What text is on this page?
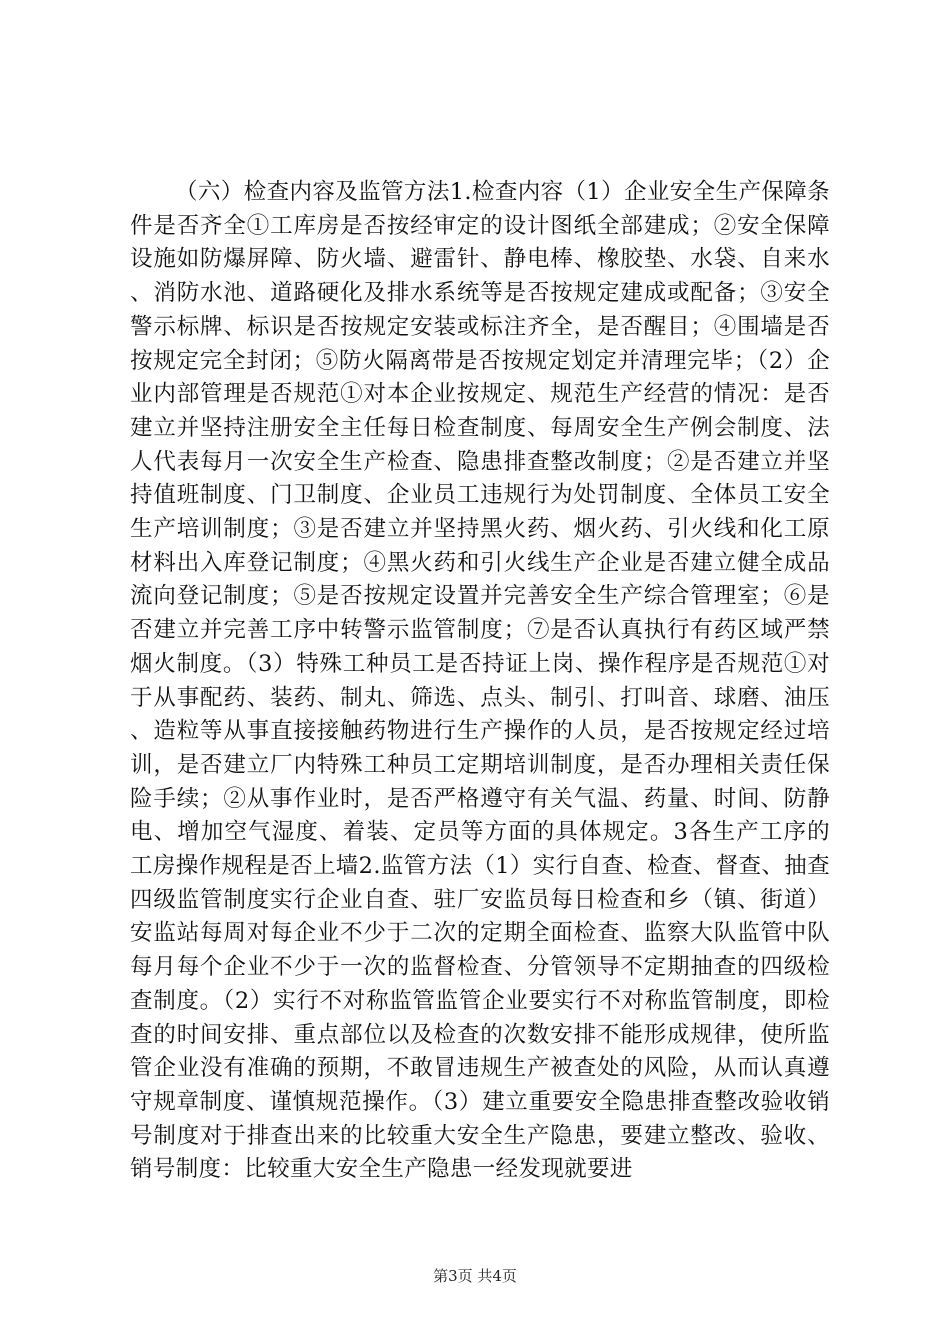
（六）检查内容及监管方法1.检查内容（1）企业安全生产保障条件是否齐全①工库房是否按经审定的设计图纸全部建成；②安全保障设施如防爆屏障、防火墙、避雷针、静电棒、橡胶垫、水袋、自来水、消防水池、道路硬化及排水系统等是否按规定建成或配备；③安全警示标牌、标识是否按规定安装或标注齐全，是否醒目；④围墙是否按规定完全封闭；⑤防火隔离带是否按规定划定并清理完毕；（2）企业内部管理是否规范①对本企业按规定、规范生产经营的情况：是否建立并坚持注册安全主任每日检查制度、每周安全生产例会制度、法人代表每月一次安全生产检查、隐患排查整改制度；②是否建立并坚持值班制度、门卫制度、企业员工违规行为处罚制度、全体员工安全生产培训制度；③是否建立并坚持黑火药、烟火药、引火线和化工原材料出入库登记制度；④黑火药和引火线生产企业是否建立健全成品流向登记制度；⑤是否按规定设置并完善安全生产综合管理室；⑥是否建立并完善工序中转警示监管制度；⑦是否认真执行有药区域严禁烟火制度。（3）特殊工种员工是否持证上岗、操作程序是否规范①对于从事配药、装药、制丸、筛选、点头、制引、打叫音、球磨、油压、造粒等从事直接接触药物进行生产操作的人员，是否按规定经过培训，是否建立厂内特殊工种员工定期培训制度，是否办理相关责任保险手续；②从事作业时，是否严格遵守有关气温、药量、时间、防静电、增加空气湿度、着装、定员等方面的具体规定。3各生产工序的工房操作规程是否上墙2.监管方法（1）实行自查、检查、督查、抽查四级监管制度实行企业自查、驻厂安监员每日检查和乡（镇、街道）安监站每周对每企业不少于二次的定期全面检查、监察大队监管中队每月每个企业不少于一次的监督检查、分管领导不定期抽查的四级检查制度。（2）实行不对称监管监管企业要实行不对称监管制度，即检查的时间安排、重点部位以及检查的次数安排不能形成规律，使所监管企业没有准确的预期，不敢冒违规生产被查处的风险，从而认真遵守规章制度、谨慎规范操作。（3）建立重要安全隐患排查整改验收销号制度对于排查出来的比较重大安全生产隐患，要建立整改、验收、销号制度：比较重大安全生产隐患一经发现就要进

第3页 共4页
